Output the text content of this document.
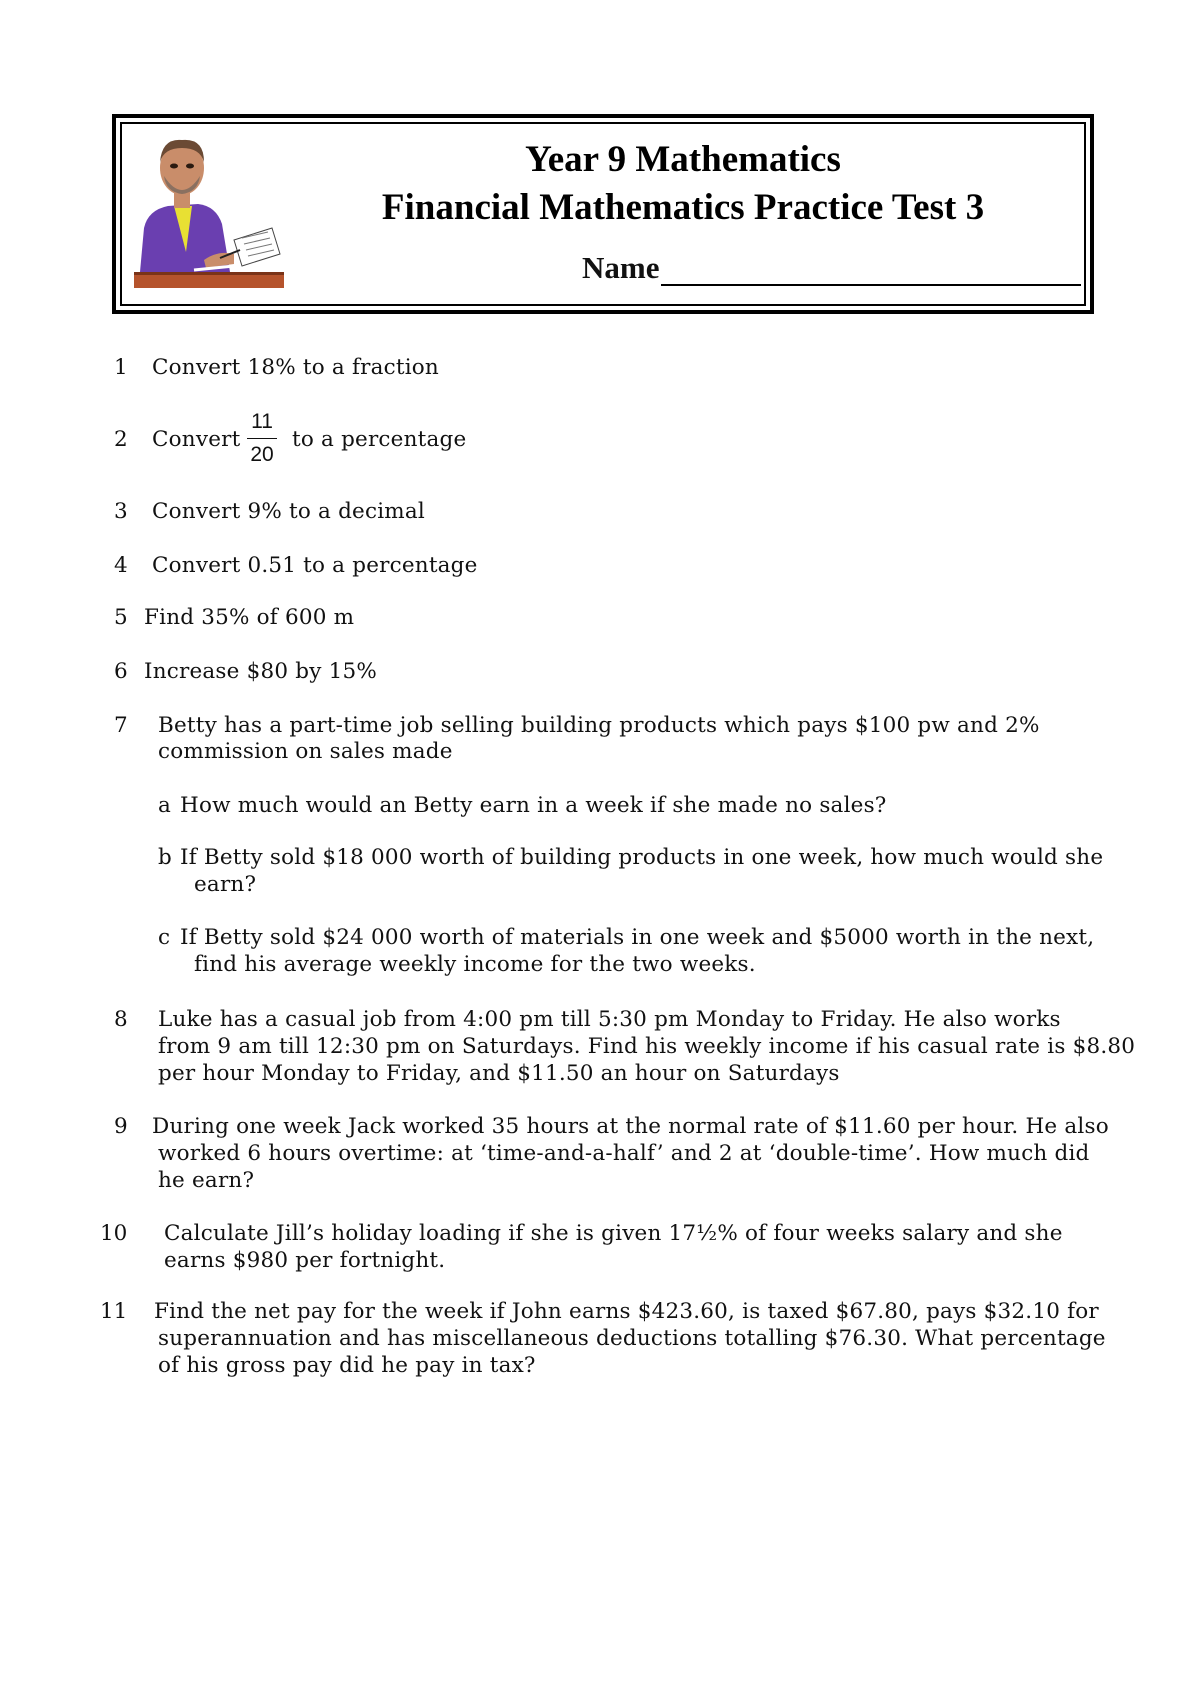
Year 9 Mathematics
Financial Mathematics Practice Test 3
Name
1 Convert 18% to a fraction
2 Convert
11
20
to a percentage
3 Convert 9% to a decimal
4 Convert 0.51 to a percentage
5 Find 35% of 600 m
6 Increase $80 by 15%
7 Betty has a part-time job selling building products which pays $100 pw and 2%
commission on sales made
a How much would an Betty earn in a week if she made no sales?
b If Betty sold $18 000 worth of building products in one week, how much would she
earn?
c If Betty sold $24 000 worth of materials in one week and $5000 worth in the next,
find his average weekly income for the two weeks.
8 Luke has a casual job from 4:00 pm till 5:30 pm Monday to Friday. He also works
from 9 am till 12:30 pm on Saturdays. Find his weekly income if his casual rate is $8.80
per hour Monday to Friday, and $11.50 an hour on Saturdays
9 During one week Jack worked 35 hours at the normal rate of $11.60 per hour. He also
worked 6 hours overtime: at ‘time-and-a-half’ and 2 at ‘double-time’. How much did
he earn?
10 Calculate Jill’s holiday loading if she is given 17½% of four weeks salary and she
earns $980 per fortnight.
11 Find the net pay for the week if John earns $423.60, is taxed $67.80, pays $32.10 for
superannuation and has miscellaneous deductions totalling $76.30. What percentage
of his gross pay did he pay in tax?
